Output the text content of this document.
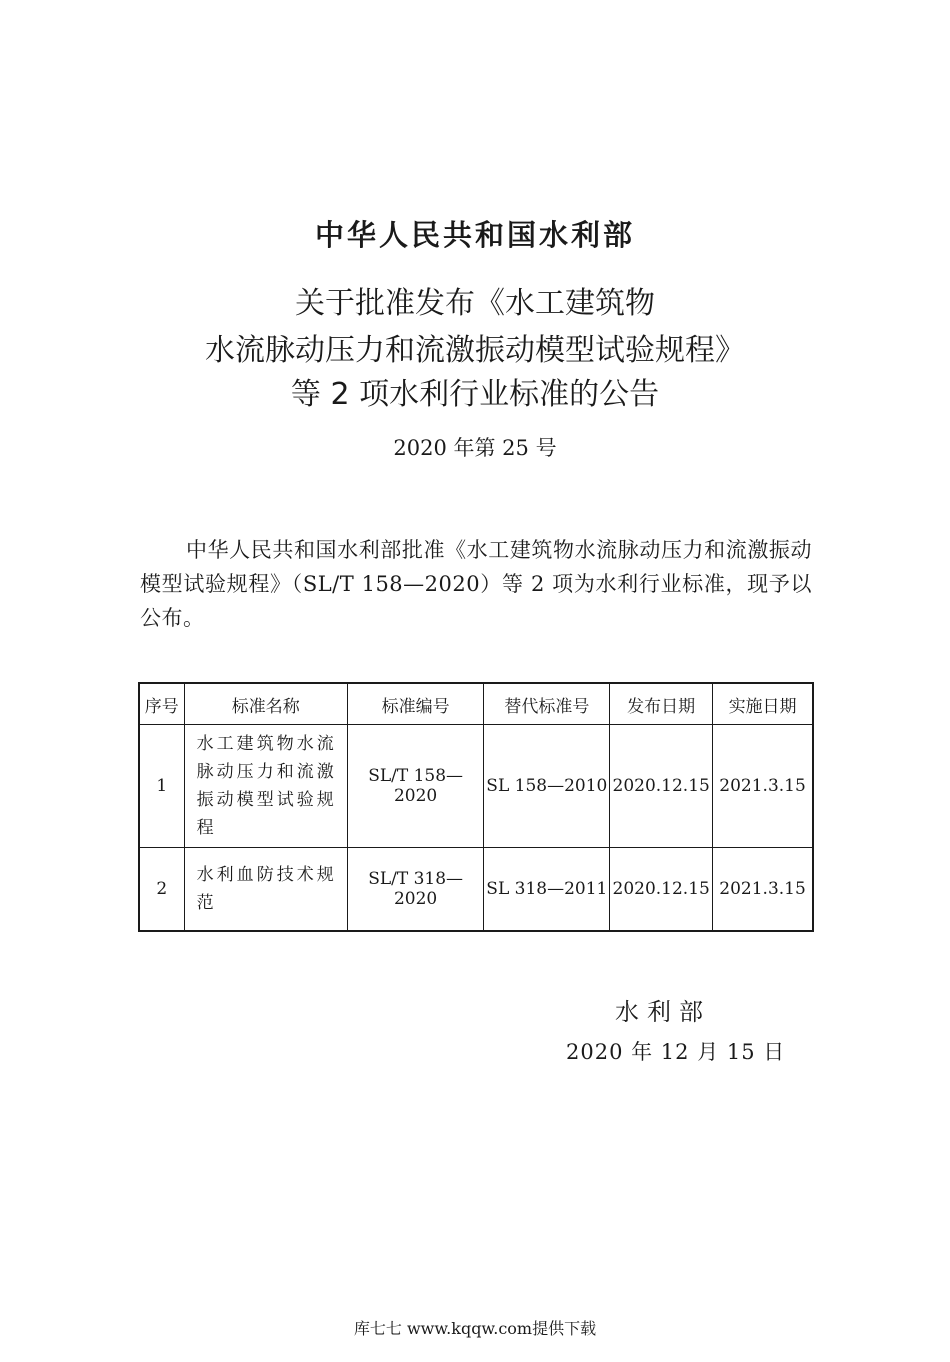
中华人民共和国水利部
关于批准发布《水工建筑物
水流脉动压力和流激振动模型试验规程》
等 2 项水利行业标准的公告
2020 年第 25 号
中华人民共和国水利部批准《水工建筑物水流脉动压力和流激振动模型试验规程》（SL/T 158—2020）等 2 项为水利行业标准，现予以公布。
序号	标准名称	标准编号	替代标准号	发布日期	实施日期
1	水工建筑物水流脉动压力和流激振动模型试验规程	SL/T 158—2020	SL 158—2010	2020.12.15	2021.3.15
2	水利血防技术规范	SL/T 318—2020	SL 318—2011	2020.12.15	2021.3.15
水利部
2020 年 12 月 15 日
库七七 www.kqqw.com提供下载
